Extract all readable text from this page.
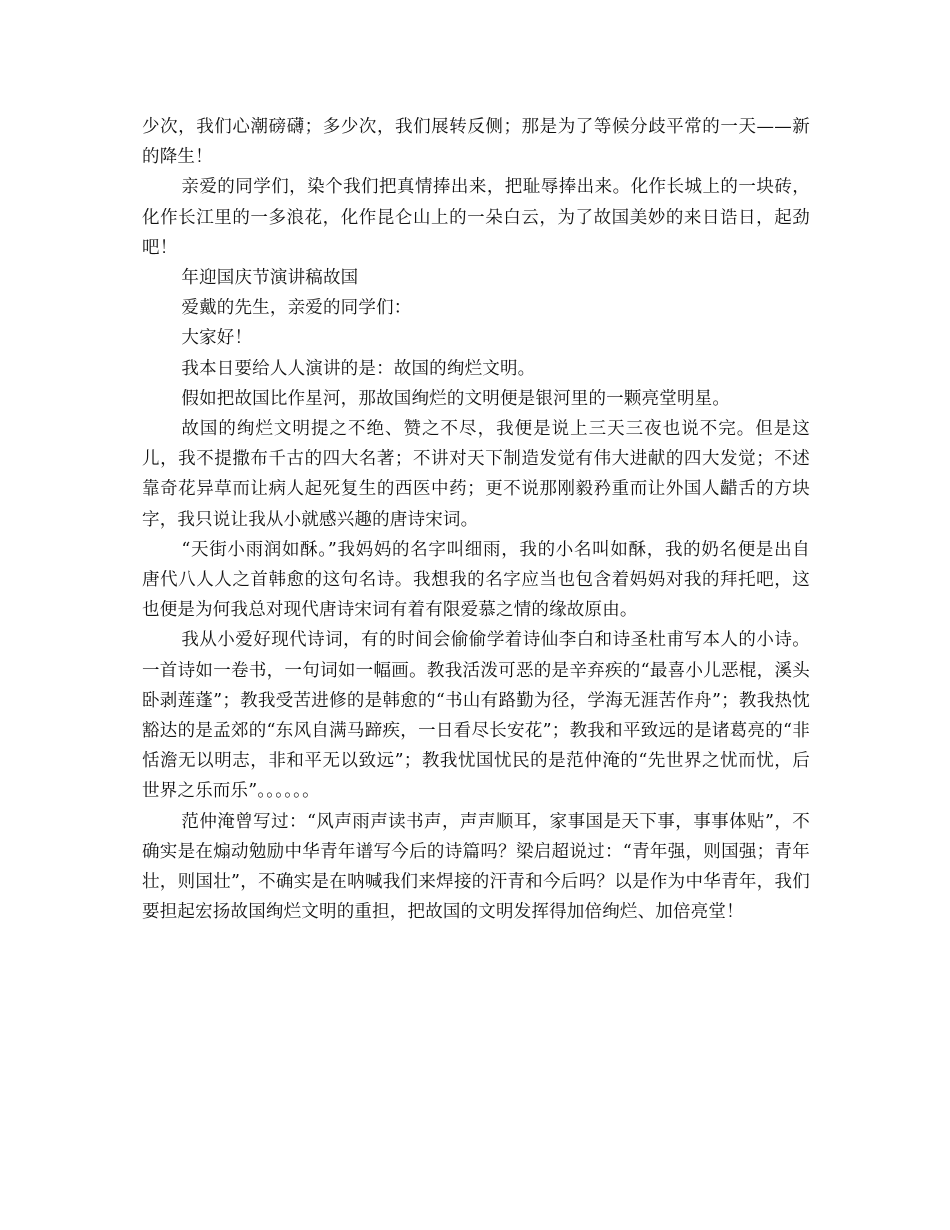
少次，我们心潮磅礴；多少次，我们展转反侧；那是为了等候分歧平常的一天——新的降生！

亲爱的同学们，染个我们把真情捧出来，把耻辱捧出来。化作长城上的一块砖，化作长江里的一多浪花，化作昆仑山上的一朵白云，为了故国美妙的来日诰日，起劲吧！

年迎国庆节演讲稿故国

爱戴的先生，亲爱的同学们：

大家好！

我本日要给人人演讲的是：故国的绚烂文明。

假如把故国比作星河，那故国绚烂的文明便是银河里的一颗亮堂明星。

故国的绚烂文明提之不绝、赞之不尽，我便是说上三天三夜也说不完。但是这儿，我不提撒布千古的四大名著；不讲对天下制造发觉有伟大进献的四大发觉；不述靠奇花异草而让病人起死复生的西医中药；更不说那刚毅矜重而让外国人齰舌的方块字，我只说让我从小就感兴趣的唐诗宋词。

“天街小雨润如酥。”我妈妈的名字叫细雨，我的小名叫如酥，我的奶名便是出自唐代八人人之首韩愈的这句名诗。我想我的名字应当也包含着妈妈对我的拜托吧，这也便是为何我总对现代唐诗宋词有着有限爱慕之情的缘故原由。

我从小爱好现代诗词，有的时间会偷偷学着诗仙李白和诗圣杜甫写本人的小诗。一首诗如一卷书，一句词如一幅画。教我活泼可恶的是辛弃疾的“最喜小儿恶棍，溪头卧剥莲蓬”；教我受苦进修的是韩愈的“书山有路勤为径，学海无涯苦作舟”；教我热忱豁达的是孟郊的“东风自满马蹄疾，一日看尽长安花”；教我和平致远的是诸葛亮的“非恬澹无以明志，非和平无以致远”；教我忧国忧民的是范仲淹的“先世界之忧而忧，后世界之乐而乐”。。。。。。

范仲淹曾写过：“风声雨声读书声，声声顺耳，家事国是天下事，事事体贴”，不确实是在煽动勉励中华青年谱写今后的诗篇吗？梁启超说过：“青年强，则国强；青年壮，则国壮”，不确实是在呐喊我们来焊接的汗青和今后吗？以是作为中华青年，我们要担起宏扬故国绚烂文明的重担，把故国的文明发挥得加倍绚烂、加倍亮堂！
